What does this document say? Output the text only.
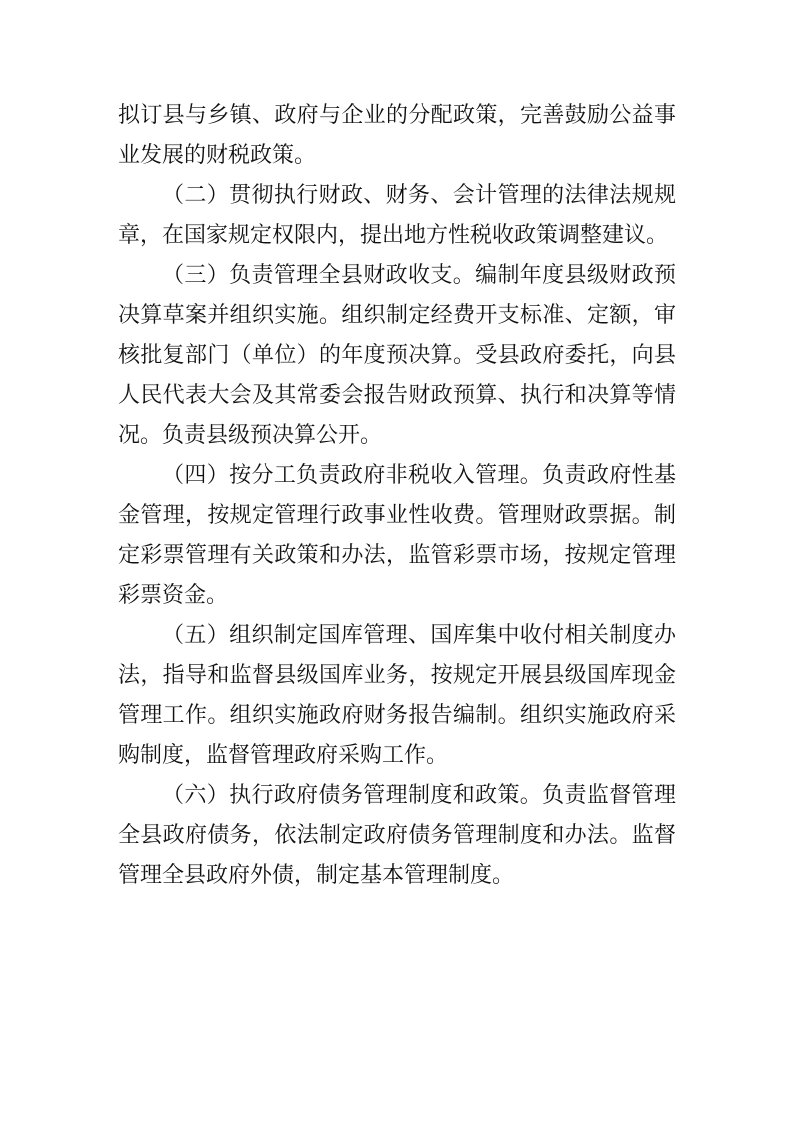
拟订县与乡镇、政府与企业的分配政策，完善鼓励公益事业发展的财税政策。

（二）贯彻执行财政、财务、会计管理的法律法规规章，在国家规定权限内，提出地方性税收政策调整建议。

（三）负责管理全县财政收支。编制年度县级财政预决算草案并组织实施。组织制定经费开支标准、定额，审核批复部门（单位）的年度预决算。受县政府委托，向县人民代表大会及其常委会报告财政预算、执行和决算等情况。负责县级预决算公开。

（四）按分工负责政府非税收入管理。负责政府性基金管理，按规定管理行政事业性收费。管理财政票据。制定彩票管理有关政策和办法，监管彩票市场，按规定管理彩票资金。

（五）组织制定国库管理、国库集中收付相关制度办法，指导和监督县级国库业务，按规定开展县级国库现金管理工作。组织实施政府财务报告编制。组织实施政府采购制度，监督管理政府采购工作。

（六）执行政府债务管理制度和政策。负责监督管理全县政府债务，依法制定政府债务管理制度和办法。监督管理全县政府外债，制定基本管理制度。
